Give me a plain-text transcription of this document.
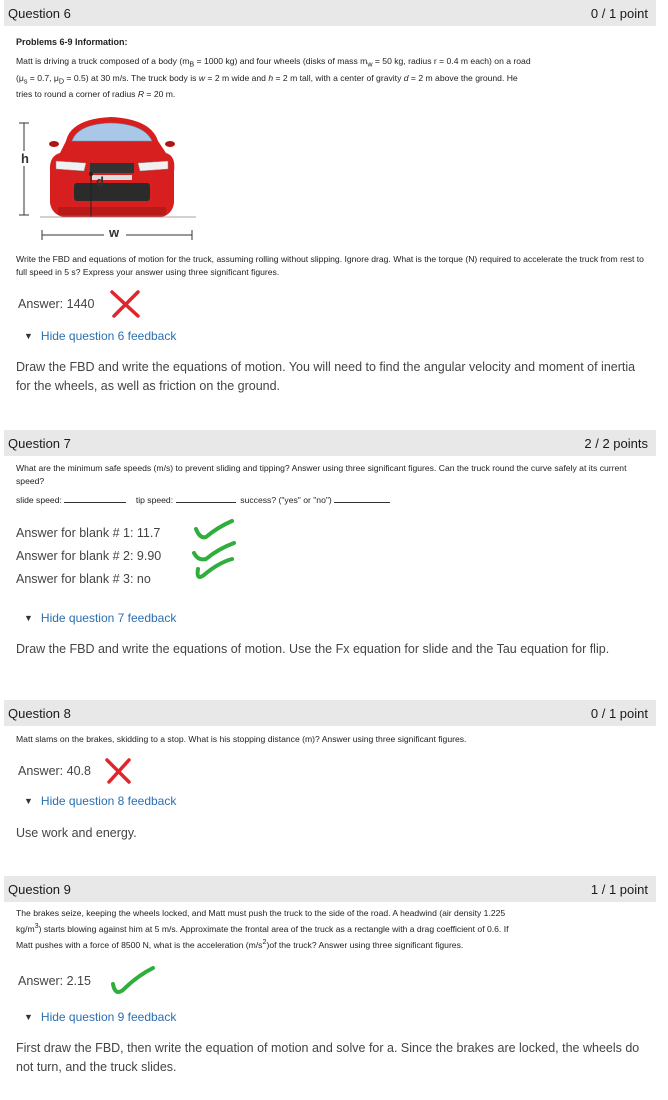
Question 6	0 / 1 point
Problems 6-9 Information:
Matt is driving a truck composed of a body ($m_B = 1000$ kg) and four wheels (disks of mass $m_w = 50$ kg, radius r = 0.4 m each) on a road
($\mu_s = 0.7$, $\mu_D = 0.5$) at 30 m/s. The truck body is w = 2 m wide and h = 2 m tall, with a center of gravity d = 2 m above the ground. He
tries to round a corner of radius R = 20 m.
h
d
w
Write the FBD and equations of motion for the truck, assuming rolling without slipping. Ignore drag. What is the torque (N) required to accelerate the truck from rest to full speed in 5 s? Express your answer using three significant figures.
Answer: 1440
▼ Hide question 6 feedback
Draw the FBD and write the equations of motion. You will need to find the angular velocity and moment of inertia for the wheels, as well as friction on the ground.
Question 7	2 / 2 points
What are the minimum safe speeds (m/s) to prevent sliding and tipping? Answer using three significant figures. Can the truck round the curve safely at its current speed?
slide speed:	tip speed:	success? ("yes" or "no")
Answer for blank # 1: 11.7
Answer for blank # 2: 9.90
Answer for blank # 3: no
▼ Hide question 7 feedback
Draw the FBD and write the equations of motion. Use the Fx equation for slide and the Tau equation for flip.
Question 8	0 / 1 point
Matt slams on the brakes, skidding to a stop. What is his stopping distance (m)? Answer using three significant figures.
Answer: 40.8
▼ Hide question 8 feedback
Use work and energy.
Question 9	1 / 1 point
The brakes seize, keeping the wheels locked, and Matt must push the truck to the side of the road. A headwind (air density 1.225
$kg/m^3$) starts blowing against him at 5 m/s. Approximate the frontal area of the truck as a rectangle with a drag coefficient of 0.6. If
Matt pushes with a force of 8500 N, what is the acceleration $(m/s^2)of$ the truck? Answer using three significant figures.
Answer: 2.15
▼ Hide question 9 feedback
First draw the FBD, then write the equation of motion and solve for a. Since the brakes are locked, the wheels do not turn, and the truck slides.
